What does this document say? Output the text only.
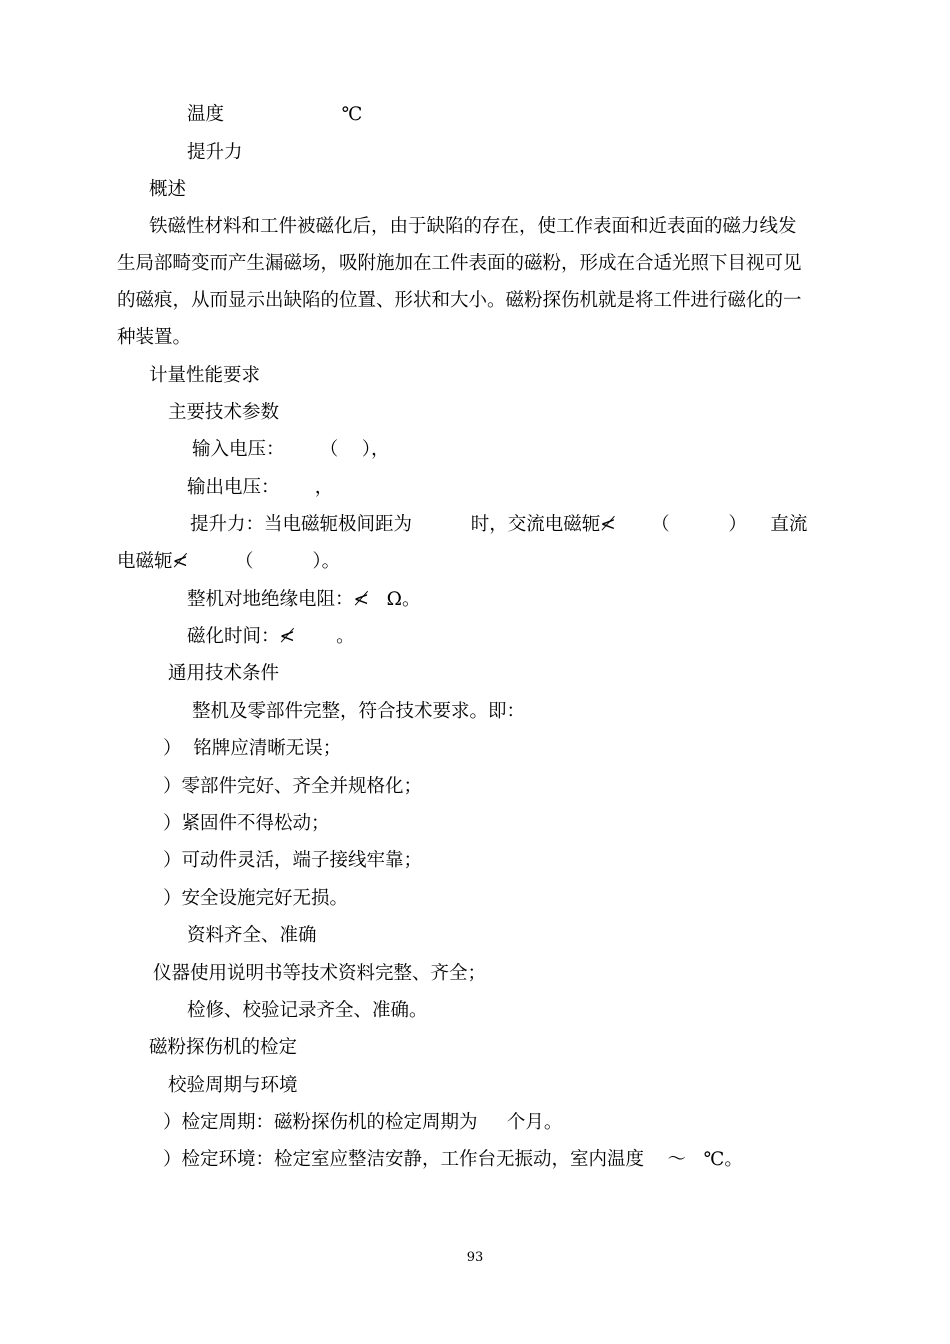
温度                    ℃
提升力
概述
铁磁性材料和工件被磁化后，由于缺陷的存在，使工作表面和近表面的磁力线发
生局部畸变而产生漏磁场，吸附施加在工件表面的磁粉，形成在合适光照下目视可见
的磁痕，从而显示出缺陷的位置、形状和大小。磁粉探伤机就是将工件进行磁化的一
种装置。
计量性能要求
主要技术参数
输入电压：      （    ），
输出电压：      ，
提升力：当电磁轭极间距为          时，交流电磁轭≮      （          ）    直流
电磁轭≮        （          ）。
整机对地绝缘电阻：≮   Ω。
磁化时间：≮       。
通用技术条件
整机及零部件完整，符合技术要求。即：
）  铭牌应清晰无误；
）零部件完好、齐全并规格化；
）紧固件不得松动；
）可动件灵活，端子接线牢靠；
）安全设施完好无损。
资料齐全、准确
仪器使用说明书等技术资料完整、齐全；
检修、校验记录齐全、准确。
磁粉探伤机的检定
校验周期与环境
）检定周期：磁粉探伤机的检定周期为     个月。
）检定环境：检定室应整洁安静，工作台无振动，室内温度    ～   ℃。
93
